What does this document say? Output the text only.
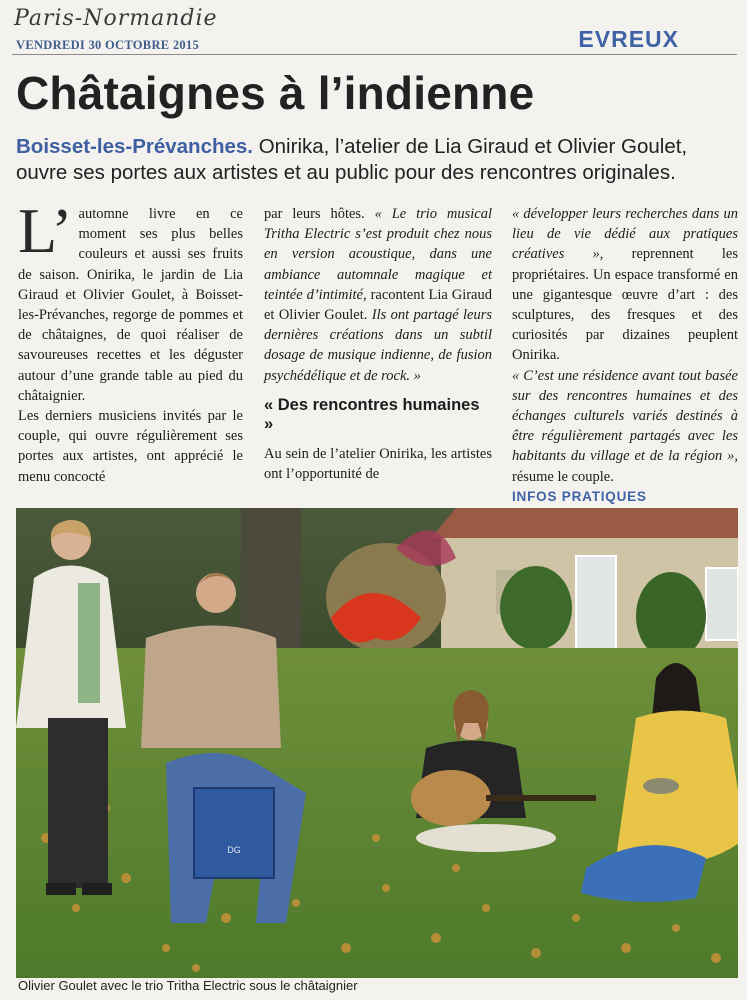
Paris-Normandie
VENDREDI 30 OCTOBRE 2015	EVREUX
Châtaignes à l’indienne

Boisset-les-Prévanches. Onirika, l’atelier de Lia Giraud et Olivier Goulet, ouvre ses portes aux artistes et au public pour des rencontres originales.

L’ automne livre en ce moment ses plus belles couleurs et aussi ses fruits de saison. Onirika, le jardin de Lia Giraud et Olivier Goulet, à Boisset-les-Prévanches, regorge de pommes et de châtaignes, de quoi réaliser de savoureuses recettes et les déguster autour d’une grande table au pied du châtaignier.

Les derniers musiciens invités par le couple, qui ouvre régulièrement ses portes aux artistes, ont apprécié le menu concocté

par leurs hôtes. « Le trio musical Tritha Electric s’est produit chez nous en version acoustique, dans une ambiance automnale magique et teintée d’intimité, racontent Lia Giraud et Olivier Goulet. Ils ont partagé leurs dernières créations dans un subtil dosage de musique indienne, de fusion psychédélique et de rock. »

« Des rencontres humaines »

Au sein de l’atelier Onirika, les artistes ont l’opportunité de

« développer leurs recherches dans un lieu de vie dédié aux pratiques créatives », reprennent les propriétaires. Un espace transformé en une gigantesque œuvre d’art : des sculptures, des fresques et des curiosités par dizaines peuplent Onirika.

« C’est une résidence avant tout basée sur des rencontres humaines et des échanges culturels variés destinés à être régulièrement partagés avec les habitants du village et de la région », résume le couple.

INFOS PRATIQUES

DG
Olivier Goulet avec le trio Tritha Electric sous le châtaignier
